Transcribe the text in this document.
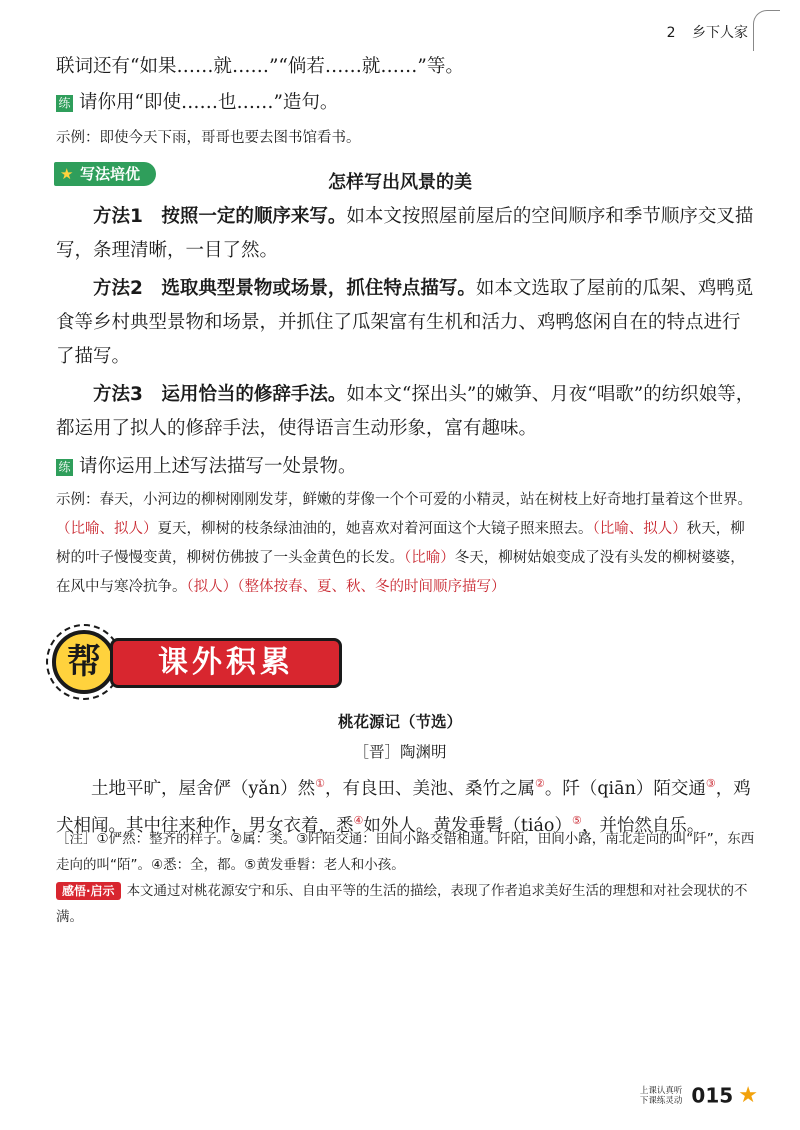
2 乡下人家
联词还有“如果……就……”“倘若……就……”等。
练 请你用“即使……也……”造句。
示例：即使今天下雨，哥哥也要去图书馆看书。
★ 写法培优	怎样写出风景的美
方法1　按照一定的顺序来写。如本文按照屋前屋后的空间顺序和季节顺序交叉描写，条理清晰，一目了然。
方法2　选取典型景物或场景，抓住特点描写。如本文选取了屋前的瓜架、鸡鸭觅食等乡村典型景物和场景，并抓住了瓜架富有生机和活力、鸡鸭悠闲自在的特点进行了描写。
方法3　运用恰当的修辞手法。如本文“探出头”的嫩笋、月夜“唱歌”的纺织娘等，都运用了拟人的修辞手法，使得语言生动形象，富有趣味。
练 请你运用上述写法描写一处景物。
示例：春天，小河边的柳树刚刚发芽，鲜嫩的芽像一个个可爱的小精灵，站在树枝上好奇地打量着这个世界。（比喻、拟人）夏天，柳树的枝条绿油油的，她喜欢对着河面这个大镜子照来照去。（比喻、拟人）秋天，柳树的叶子慢慢变黄，柳树仿佛披了一头金黄色的长发。（比喻）冬天，柳树姑娘变成了没有头发的柳树婆婆，在风中与寒冷抗争。（拟人）（整体按春、夏、秋、冬的时间顺序描写）
帮	课外积累
桃花源记（节选）
［晋］陶渊明
土地平旷，屋舍俨（yǎn）然①，有良田、美池、桑竹之属②。阡（qiān）陌交通③，鸡犬相闻。其中往来种作，男女衣着，悉④如外人。黄发垂髫（tiáo）⑤，并怡然自乐。
［注］①俨然：整齐的样子。②属：类。③阡陌交通：田间小路交错相通。阡陌，田间小路，南北走向的叫“阡”，东西走向的叫“陌”。④悉：全，都。⑤黄发垂髫：老人和小孩。
感悟·启示 本文通过对桃花源安宁和乐、自由平等的生活的描绘，表现了作者追求美好生活的理想和对社会现状的不满。
上课认真听
下课练灵动 015 ★
